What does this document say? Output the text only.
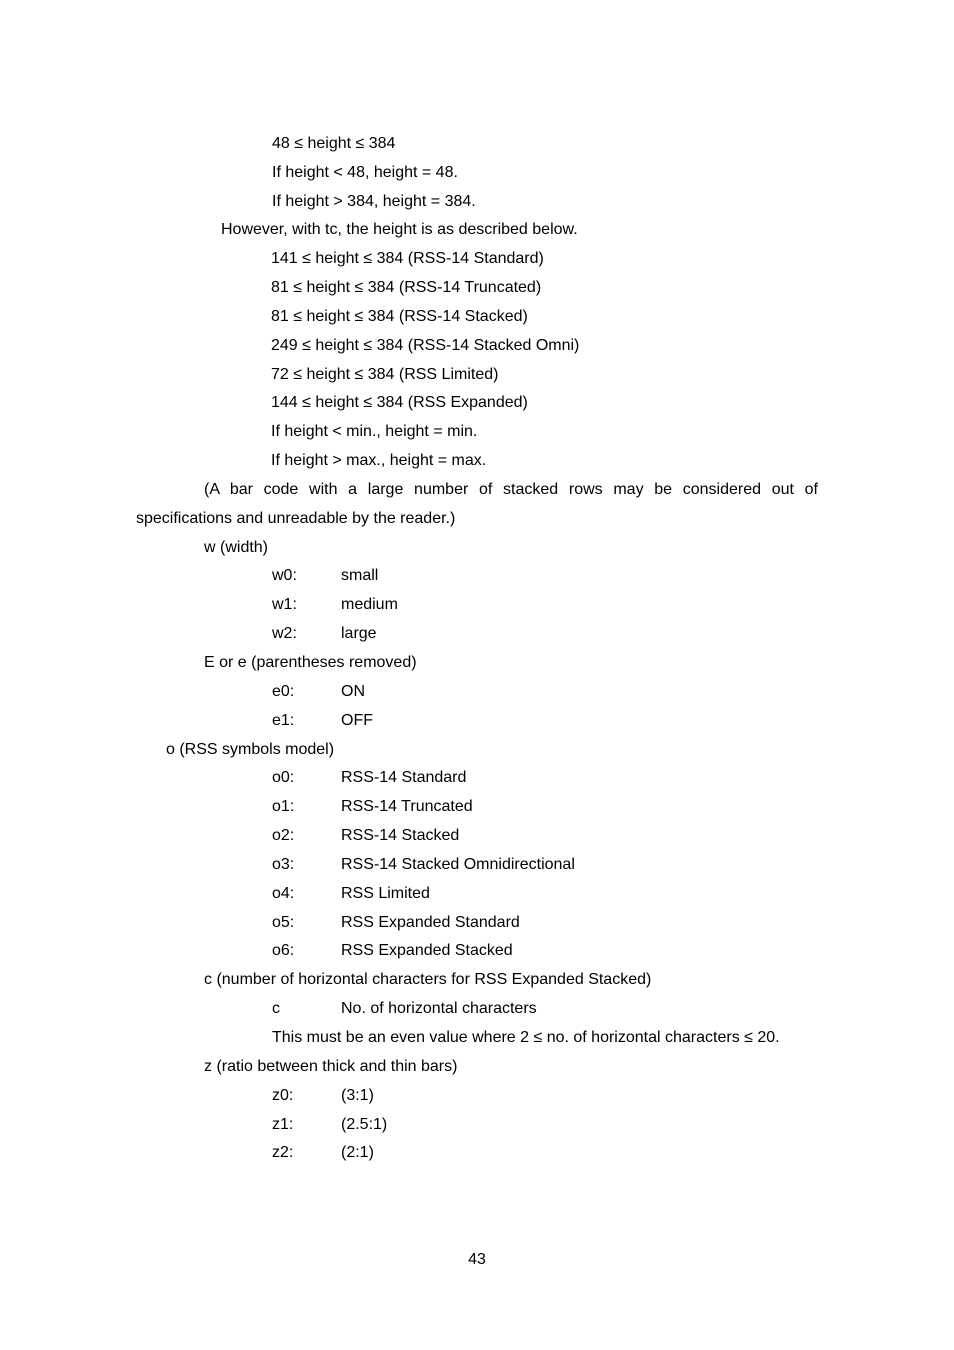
48 ≤ height ≤ 384
If height < 48, height = 48.
If height > 384, height = 384.
However, with tc, the height is as described below.
141 ≤ height ≤ 384 (RSS-14 Standard)
81 ≤ height ≤ 384 (RSS-14 Truncated)
81 ≤ height ≤ 384 (RSS-14 Stacked)
249 ≤ height ≤ 384 (RSS-14 Stacked Omni)
72 ≤ height ≤ 384 (RSS Limited)
144 ≤ height ≤ 384 (RSS Expanded)
If height < min., height = min.
If height > max., height = max.
(A bar code with a large number of stacked rows may be considered out of
specifications and unreadable by the reader.)
w (width)
w0:	small
w1:	medium
w2:	large
E or e (parentheses removed)
e0:	ON
e1:	OFF
o (RSS symbols model)
o0:	RSS-14 Standard
o1:	RSS-14 Truncated
o2:	RSS-14 Stacked
o3:	RSS-14 Stacked Omnidirectional
o4:	RSS Limited
o5:	RSS Expanded Standard
o6:	RSS Expanded Stacked
c (number of horizontal characters for RSS Expanded Stacked)
c	No. of horizontal characters
This must be an even value where 2 ≤ no. of horizontal characters ≤ 20.
z (ratio between thick and thin bars)
z0:	(3:1)
z1:	(2.5:1)
z2:	(2:1)
43
